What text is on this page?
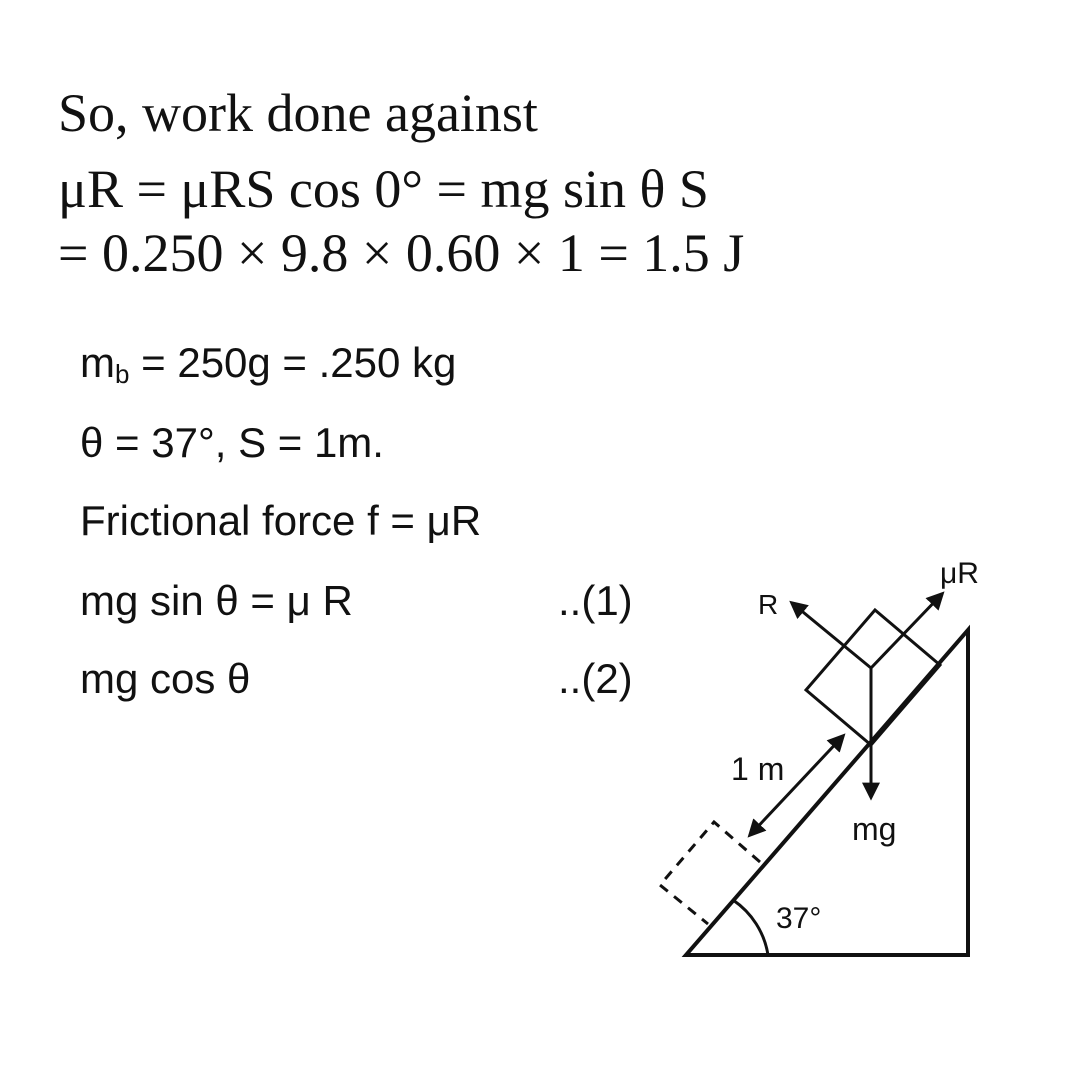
So, work done against
μR = μRS cos 0° = mg sin θ S
= 0.250 × 9.8 × 0.60 × 1 = 1.5 J
$m_b = 250g = .250$ kg
θ = 37°, S = 1m.
Frictional force f = μR
mg sin θ = μ R	..(1)
mg cos θ	..(2)
R
μR
1 m
mg
37°
